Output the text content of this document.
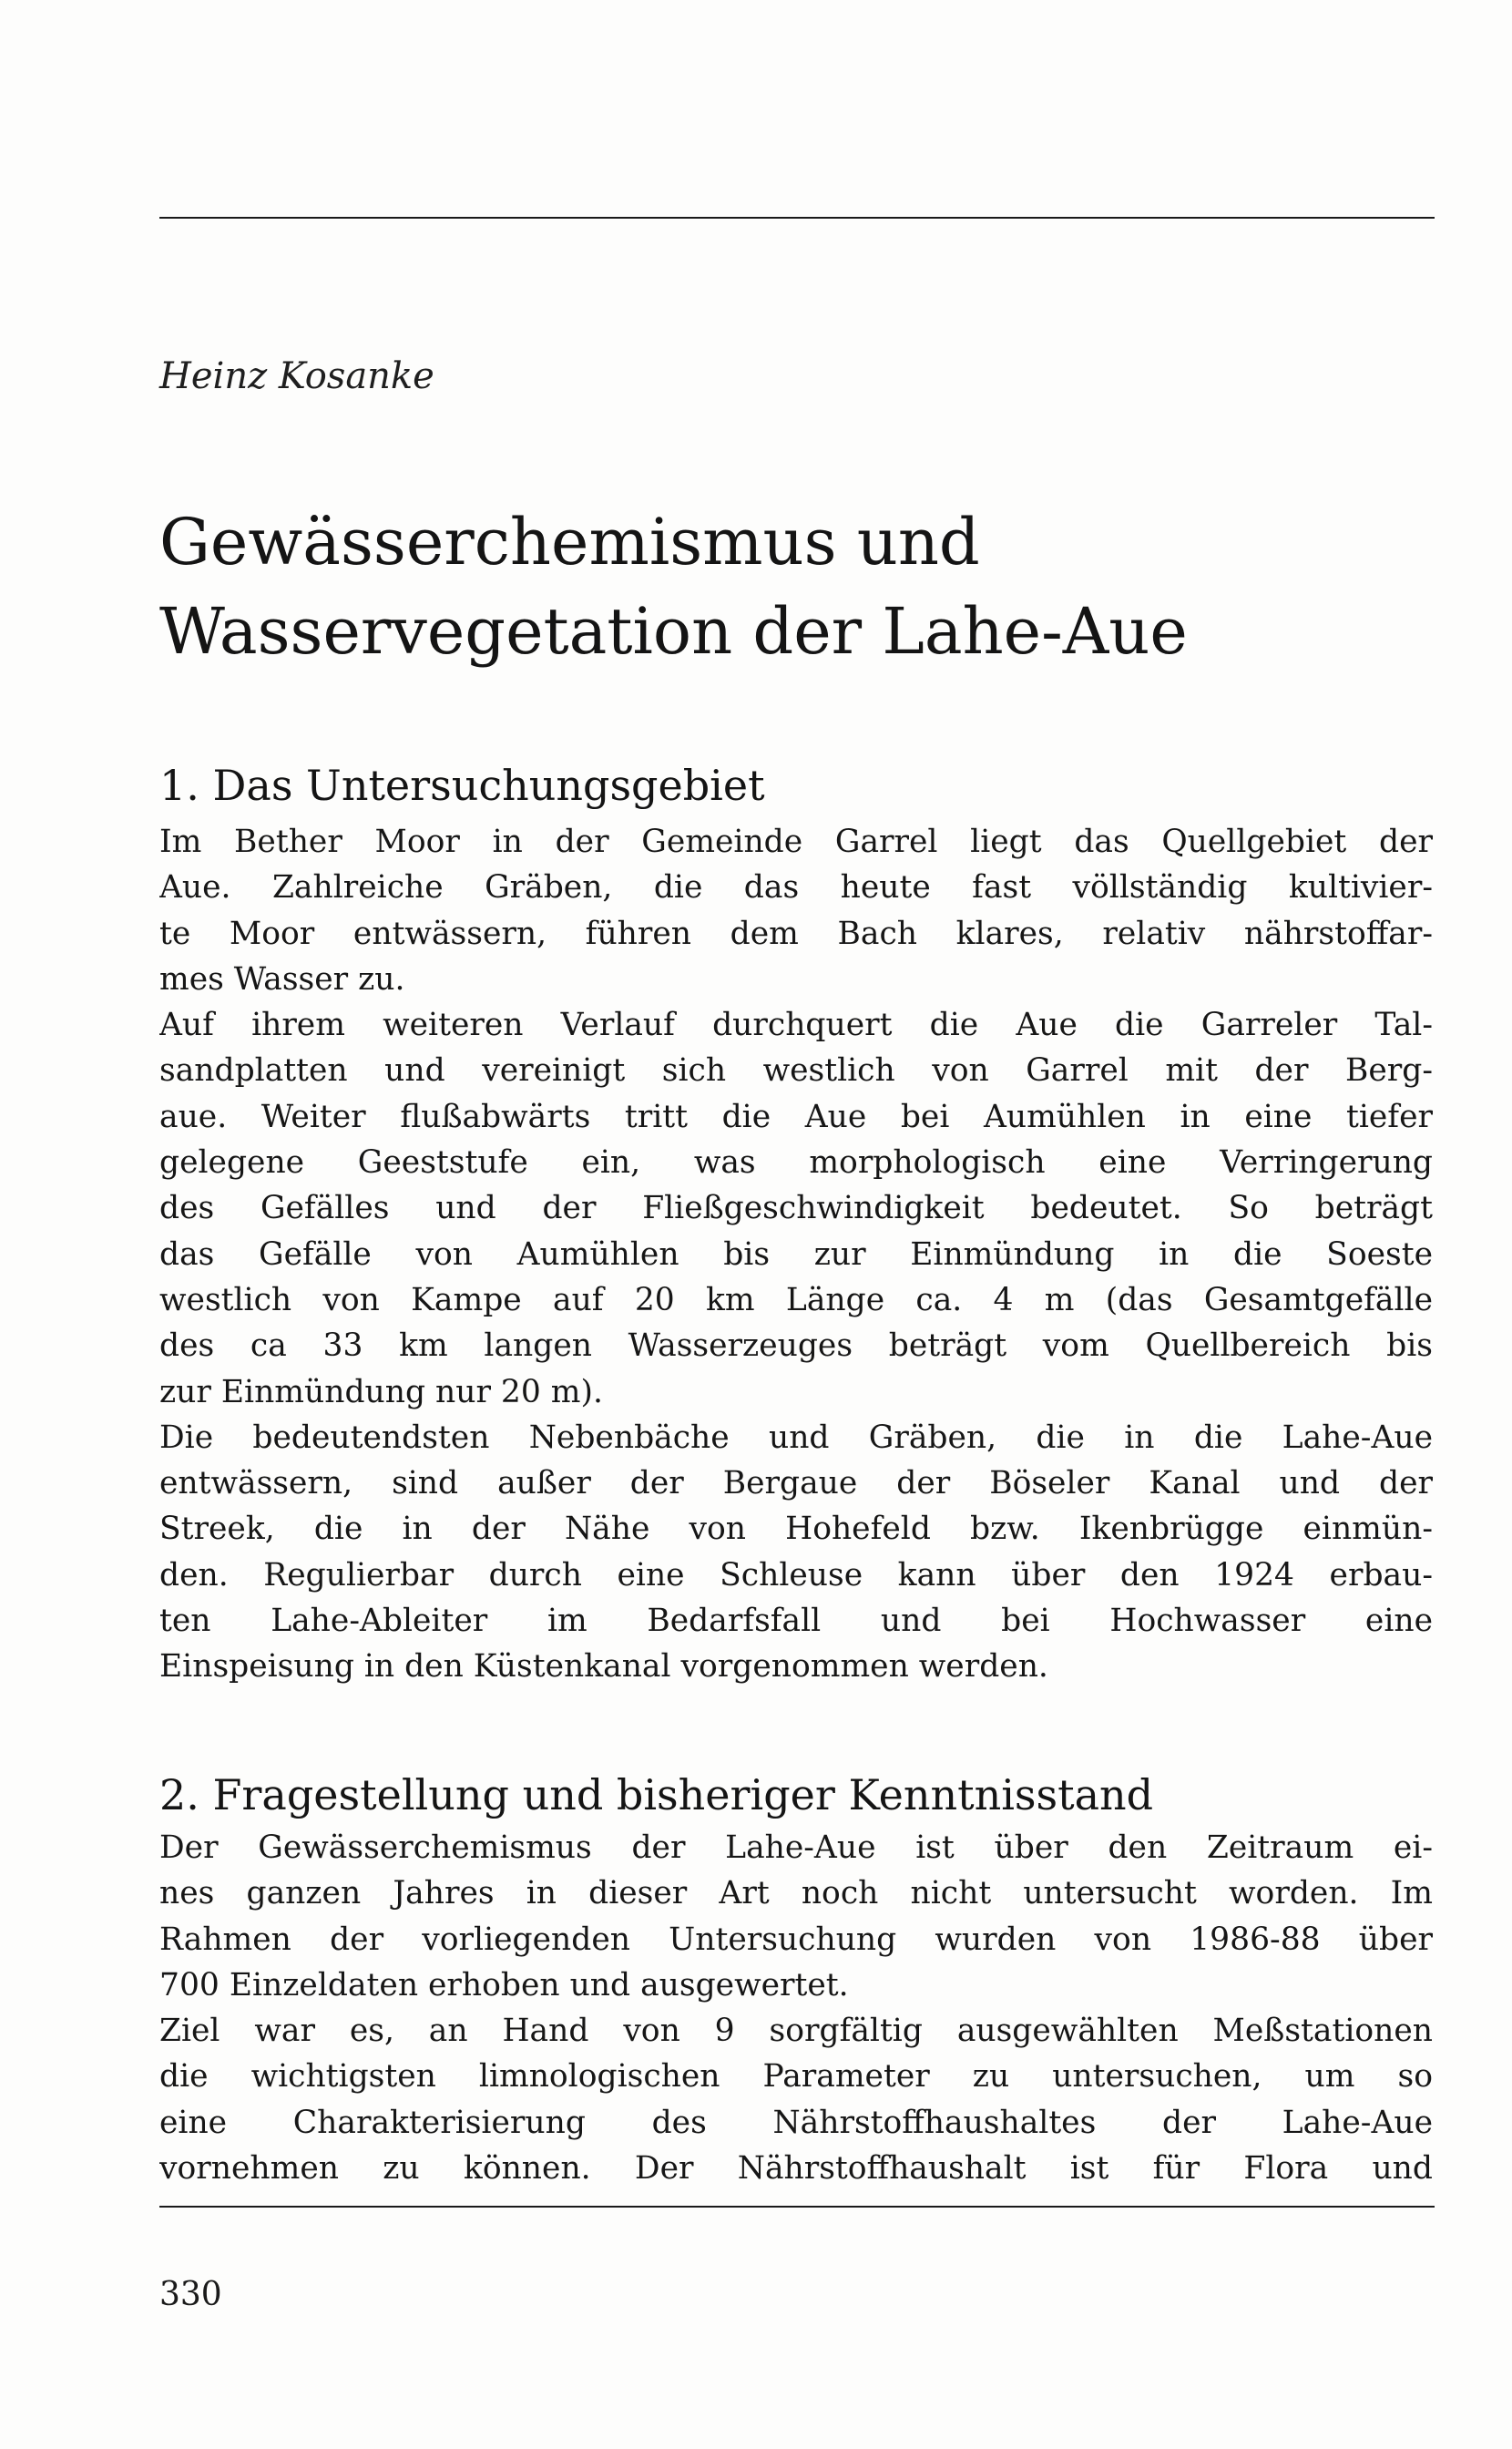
Heinz Kosanke
Gewässerchemismus und
Wasservegetation der Lahe-Aue
1. Das Untersuchungsgebiet
Im Bether Moor in der Gemeinde Garrel liegt das Quellgebiet der
Aue. Zahlreiche Gräben, die das heute fast völlständig kultivier-
te Moor entwässern, führen dem Bach klares, relativ nährstoffar-
mes Wasser zu.
Auf ihrem weiteren Verlauf durchquert die Aue die Garreler Tal-
sandplatten und vereinigt sich westlich von Garrel mit der Berg-
aue. Weiter flußabwärts tritt die Aue bei Aumühlen in eine tiefer
gelegene Geeststufe ein, was morphologisch eine Verringerung
des Gefälles und der Fließgeschwindigkeit bedeutet. So beträgt
das Gefälle von Aumühlen bis zur Einmündung in die Soeste
westlich von Kampe auf 20 km Länge ca. 4 m (das Gesamtgefälle
des ca 33 km langen Wasserzeuges beträgt vom Quellbereich bis
zur Einmündung nur 20 m).
Die bedeutendsten Nebenbäche und Gräben, die in die Lahe-Aue
entwässern, sind außer der Bergaue der Böseler Kanal und der
Streek, die in der Nähe von Hohefeld bzw. Ikenbrügge einmün-
den. Regulierbar durch eine Schleuse kann über den 1924 erbau-
ten Lahe-Ableiter im Bedarfsfall und bei Hochwasser eine
Einspeisung in den Küstenkanal vorgenommen werden.
2. Fragestellung und bisheriger Kenntnisstand
Der Gewässerchemismus der Lahe-Aue ist über den Zeitraum ei-
nes ganzen Jahres in dieser Art noch nicht untersucht worden. Im
Rahmen der vorliegenden Untersuchung wurden von 1986-88 über
700 Einzeldaten erhoben und ausgewertet.
Ziel war es, an Hand von 9 sorgfältig ausgewählten Meßstationen
die wichtigsten limnologischen Parameter zu untersuchen, um so
eine Charakterisierung des Nährstoffhaushaltes der Lahe-Aue
vornehmen zu können. Der Nährstoffhaushalt ist für Flora und
330
